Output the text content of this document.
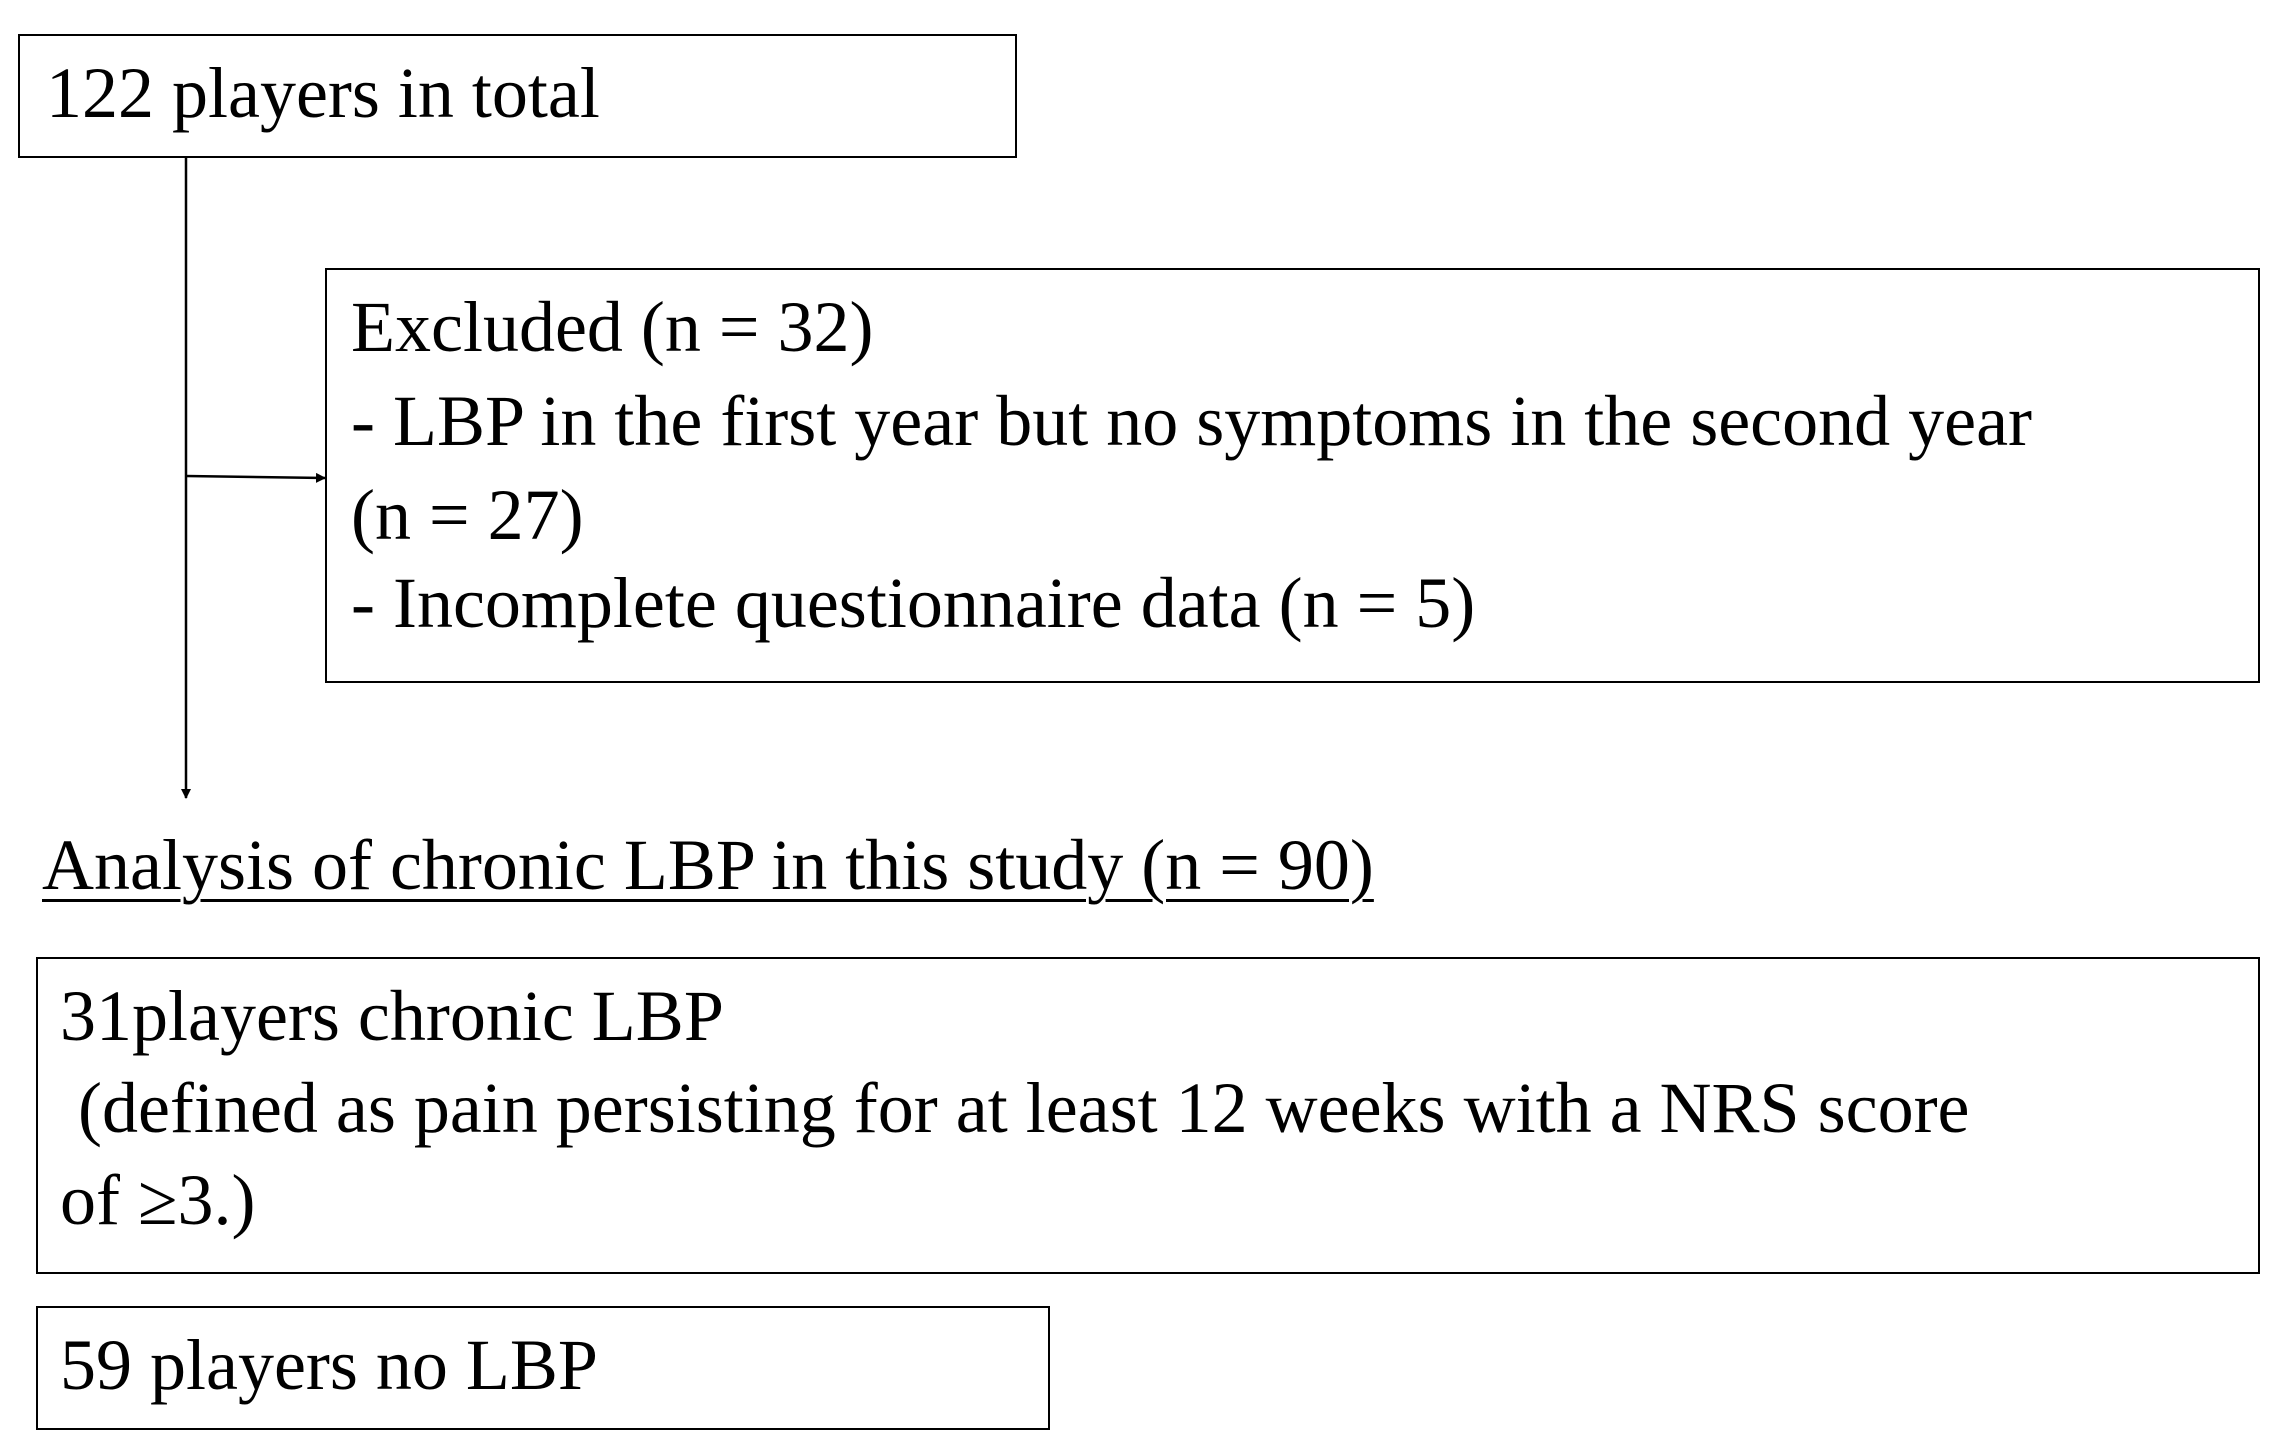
122 players in total
Excluded (n = 32)
- LBP in the first year but no symptoms in the second year
(n = 27)
- Incomplete questionnaire data (n = 5)
Analysis of chronic LBP in this study (n = 90)
31players chronic LBP
(defined as pain persisting for at least 12 weeks with a NRS score
of ≥3.)
59 players no LBP
